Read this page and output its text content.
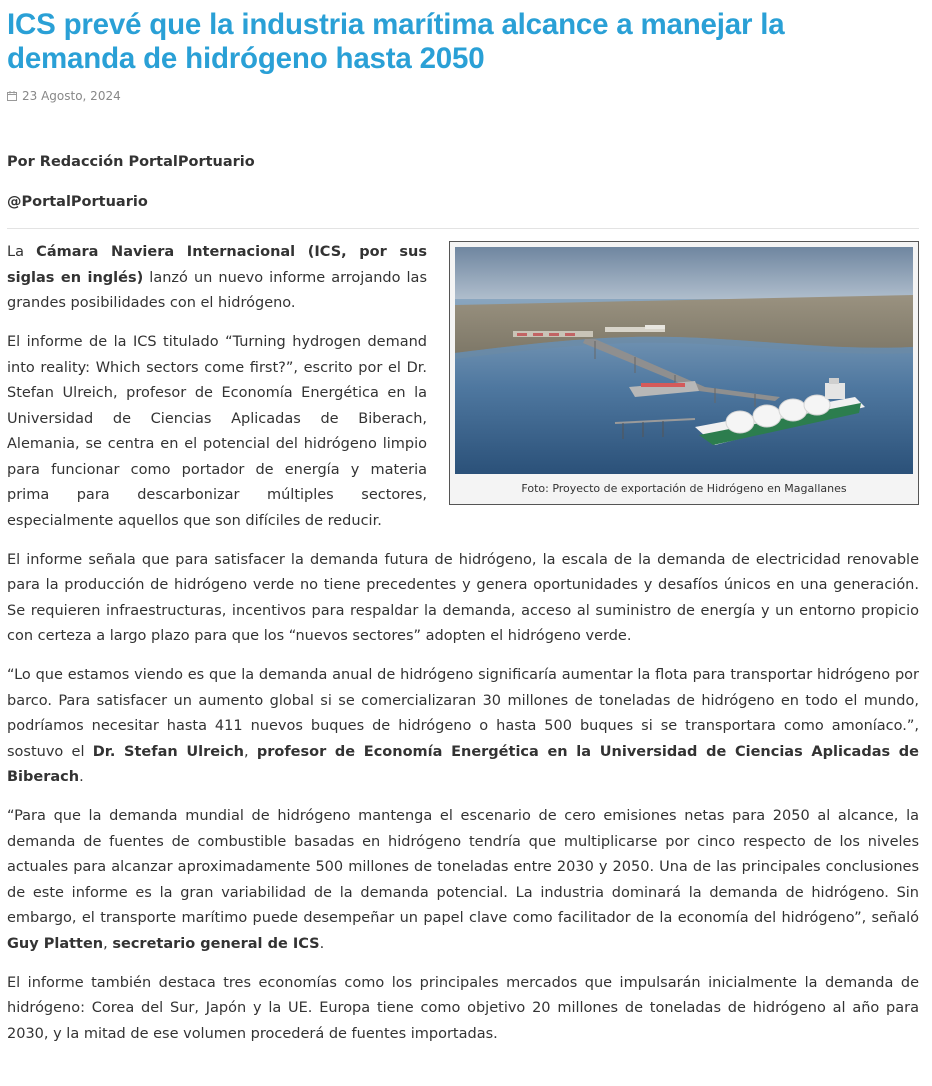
ICS prevé que la industria marítima alcance a manejar la demanda de hidrógeno hasta 2050
23 Agosto, 2024

Por Redacción PortalPortuario

@PortalPortuario

Foto: Proyecto de exportación de Hidrógeno en Magallanes

La Cámara Naviera Internacional (ICS, por sus siglas en inglés) lanzó un nuevo informe arrojando las grandes posibilidades con el hidrógeno.

El informe de la ICS titulado “Turning hydrogen demand into reality: Which sectors come first?”, escrito por el Dr. Stefan Ulreich, profesor de Economía Energética en la Universidad de Ciencias Aplicadas de Biberach, Alemania, se centra en el potencial del hidrógeno limpio para funcionar como portador de energía y materia prima para descarbonizar múltiples sectores, especialmente aquellos que son difíciles de reducir.

El informe señala que para satisfacer la demanda futura de hidrógeno, la escala de la demanda de electricidad renovable para la producción de hidrógeno verde no tiene precedentes y genera oportunidades y desafíos únicos en una generación. Se requieren infraestructuras, incentivos para respaldar la demanda, acceso al suministro de energía y un entorno propicio con certeza a largo plazo para que los “nuevos sectores” adopten el hidrógeno verde.

“Lo que estamos viendo es que la demanda anual de hidrógeno significaría aumentar la flota para transportar hidrógeno por barco. Para satisfacer un aumento global si se comercializaran 30 millones de toneladas de hidrógeno en todo el mundo, podríamos necesitar hasta 411 nuevos buques de hidrógeno o hasta 500 buques si se transportara como amoníaco.”, sostuvo el Dr. Stefan Ulreich, profesor de Economía Energética en la Universidad de Ciencias Aplicadas de Biberach.

“Para que la demanda mundial de hidrógeno mantenga el escenario de cero emisiones netas para 2050 al alcance, la demanda de fuentes de combustible basadas en hidrógeno tendría que multiplicarse por cinco respecto de los niveles actuales para alcanzar aproximadamente 500 millones de toneladas entre 2030 y 2050. Una de las principales conclusiones de este informe es la gran variabilidad de la demanda potencial. La industria dominará la demanda de hidrógeno. Sin embargo, el transporte marítimo puede desempeñar un papel clave como facilitador de la economía del hidrógeno”, señaló Guy Platten, secretario general de ICS.

El informe también destaca tres economías como los principales mercados que impulsarán inicialmente la demanda de hidrógeno: Corea del Sur, Japón y la UE. Europa tiene como objetivo 20 millones de toneladas de hidrógeno al año para 2030, y la mitad de ese volumen procederá de fuentes importadas.
